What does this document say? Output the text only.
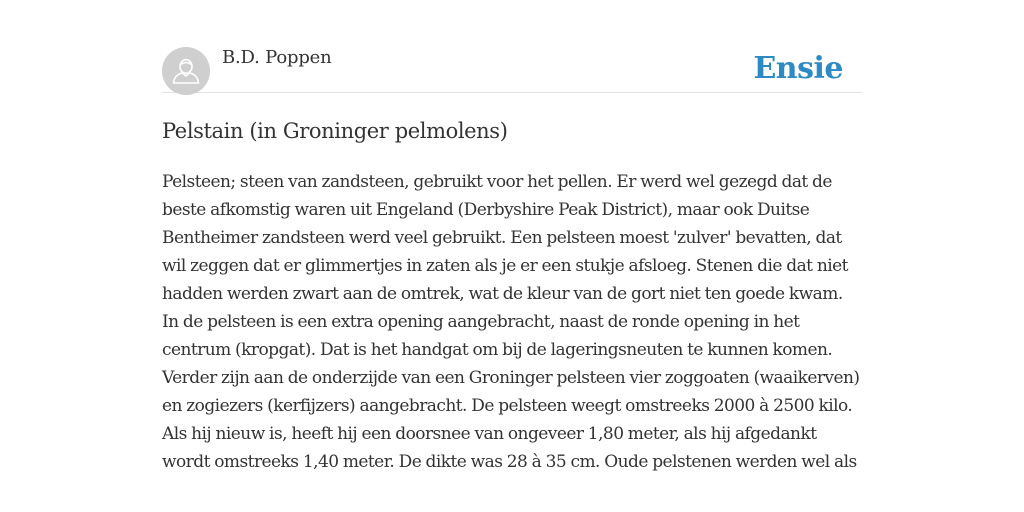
B.D. Poppen	Ensie
Pelstain (in Groninger pelmolens)

Pelsteen; steen van zandsteen, gebruikt voor het pellen. Er werd wel gezegd dat de beste afkomstig waren uit Engeland (Derbyshire Peak District), maar ook Duitse Bentheimer zandsteen werd veel gebruikt. Een pelsteen moest 'zulver' bevatten, dat wil zeggen dat er glimmertjes in zaten als je er een stukje afsloeg. Stenen die dat niet hadden werden zwart aan de omtrek, wat de kleur van de gort niet ten goede kwam. In de pelsteen is een extra opening aangebracht, naast de ronde opening in het centrum (kropgat). Dat is het handgat om bij de lageringsneuten te kunnen komen. Verder zijn aan de onderzijde van een Groninger pelsteen vier zoggoaten (waaikerven) en zogiezers (kerfijzers) aangebracht. De pelsteen weegt omstreeks 2000 à 2500 kilo. Als hij nieuw is, heeft hij een doorsnee van ongeveer 1,80 meter, als hij afgedankt wordt omstreeks 1,40 meter. De dikte was 28 à 35 cm. Oude pelstenen werden wel als
